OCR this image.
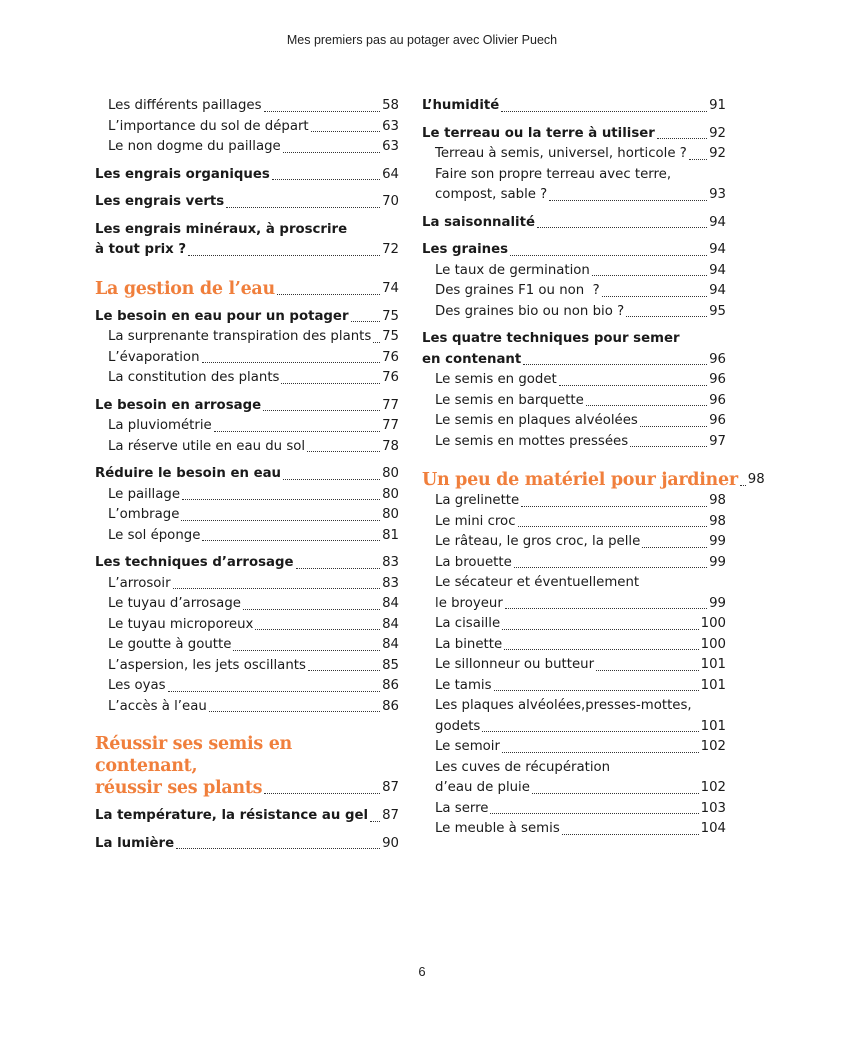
Mes premiers pas au potager avec Olivier Puech
Les différents paillages	58
L’importance du sol de départ	63
Le non dogme du paillage	63
Les engrais organiques	64
Les engrais verts	70
Les engrais minéraux, à proscrire
à tout prix ?	72
La gestion de l’eau	74
Le besoin en eau pour un potager	75
La surprenante transpiration des plants 75
L’évaporation	76
La constitution des plants	76
Le besoin en arrosage	77
La pluviométrie	77
La réserve utile en eau du sol	78
Réduire le besoin en eau	80
Le paillage	80
L’ombrage	80
Le sol éponge	81
Les techniques d’arrosage	83
L’arrosoir	83
Le tuyau d’arrosage	84
Le tuyau microporeux	84
Le goutte à goutte	84
L’aspersion, les jets oscillants	85
Les oyas	86
L’accès à l’eau	86
Réussir ses semis en contenant,
réussir ses plants	87
La température, la résistance au gel 87
La lumière	90
L’humidité	91
Le terreau ou la terre à utiliser	92
Terreau à semis, universel, horticole ? 92
Faire son propre terreau avec terre,
compost, sable ?	93
La saisonnalité	94
Les graines	94
Le taux de germination	94
Des graines F1 ou non  ?	94
Des graines bio ou non bio ?	95
Les quatre techniques pour semer
en contenant	96
Le semis en godet	96
Le semis en barquette	96
Le semis en plaques alvéolées	96
Le semis en mottes pressées	97
Un peu de matériel pour jardiner 98
La grelinette	98
Le mini croc	98
Le râteau, le gros croc, la pelle	99
La brouette	99
Le sécateur et éventuellement
le broyeur	99
La cisaille	100
La binette	100
Le sillonneur ou butteur	101
Le tamis	101
Les plaques alvéolées,presses-mottes,
godets	101
Le semoir	102
Les cuves de récupération
d’eau de pluie	102
La serre	103
Le meuble à semis	104
6
